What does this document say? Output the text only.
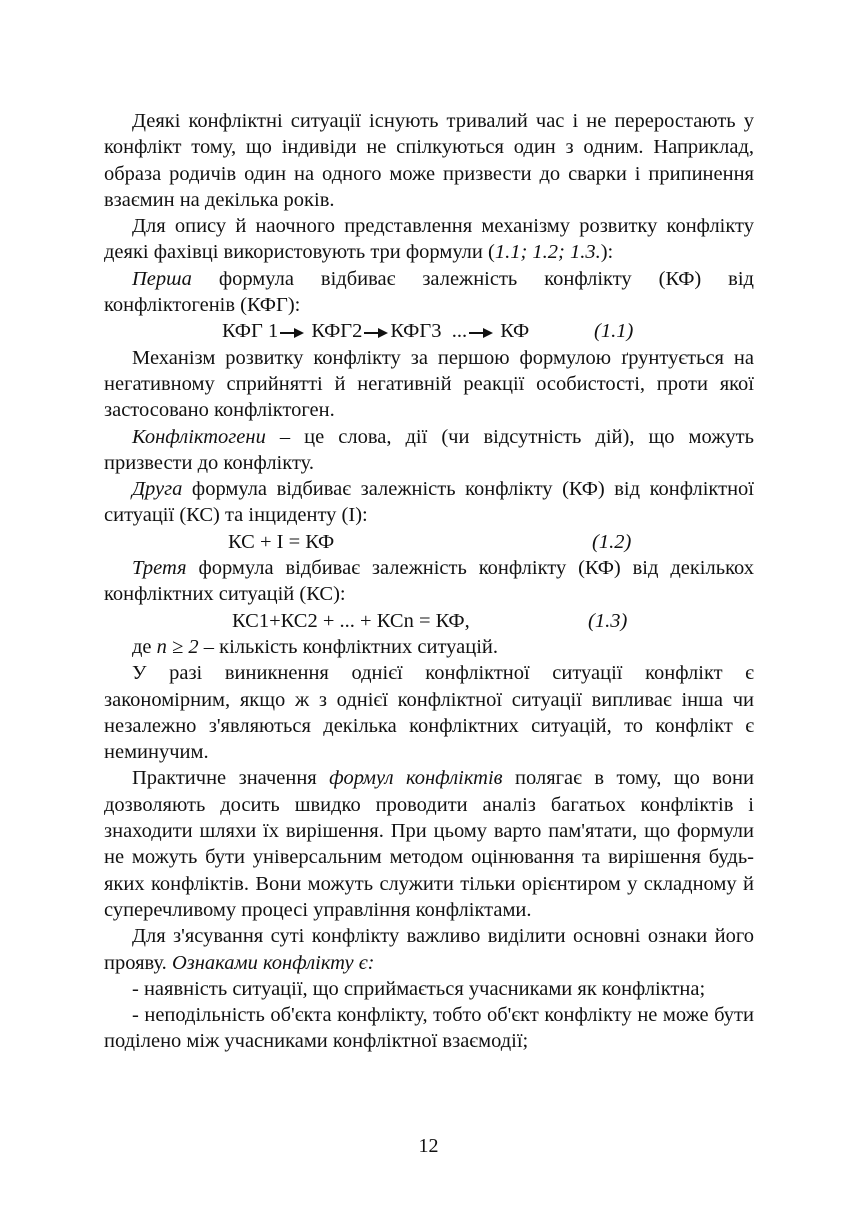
Деякі конфліктні ситуації існують тривалий час і не переростають у конфлікт тому, що індивіди не спілкуються один з одним. Наприклад, образа родичів один на одного може призвести до сварки і припинення взаємин на декілька років.

Для опису й наочного представлення механізму розвитку конфлікту деякі фахівці використовують три формули (1.1; 1.2; 1.3.):

Перша формула відбиває залежність конфлікту (КФ) від конфліктогенів (КФГ):

КФГ 1 КФГ2 КФГ3 ... КФ	(1.1)

Механізм розвитку конфлікту за першою формулою ґрунтується на негативному сприйнятті й негативній реакції особистості, проти якої застосовано конфліктоген.

Конфліктогени – це слова, дії (чи відсутність дій), що можуть призвести до конфлікту.

Друга формула відбиває залежність конфлікту (КФ) від конфліктної ситуації (КС) та інциденту (І):

КС + І = КФ	(1.2)

Третя формула відбиває залежність конфлікту (КФ) від декількох конфліктних ситуацій (КС):

КС1+КС2 + ... + КСn = КФ,	(1.3)

де n ≥ 2 – кількість конфліктних ситуацій.

У разі виникнення однієї конфліктної ситуації конфлікт є закономірним, якщо ж з однієї конфліктної ситуації випливає інша чи незалежно з'являються декілька конфліктних ситуацій, то конфлікт є неминучим.

Практичне значення формул конфліктів полягає в тому, що вони дозволяють досить швидко проводити аналіз багатьох конфліктів і знаходити шляхи їх вирішення. При цьому варто пам'ятати, що формули не можуть бути універсальним методом оцінювання та вирішення будь-яких конфліктів. Вони можуть служити тільки орієнтиром у складному й суперечливому процесі управління конфліктами.

Для з'ясування суті конфлікту важливо виділити основні ознаки його прояву. Ознаками конфлікту є:

- наявність ситуації, що сприймається учасниками як конфліктна;

- неподільність об'єкта конфлікту, тобто об'єкт конфлікту не може бути поділено між учасниками конфліктної взаємодії;

12
